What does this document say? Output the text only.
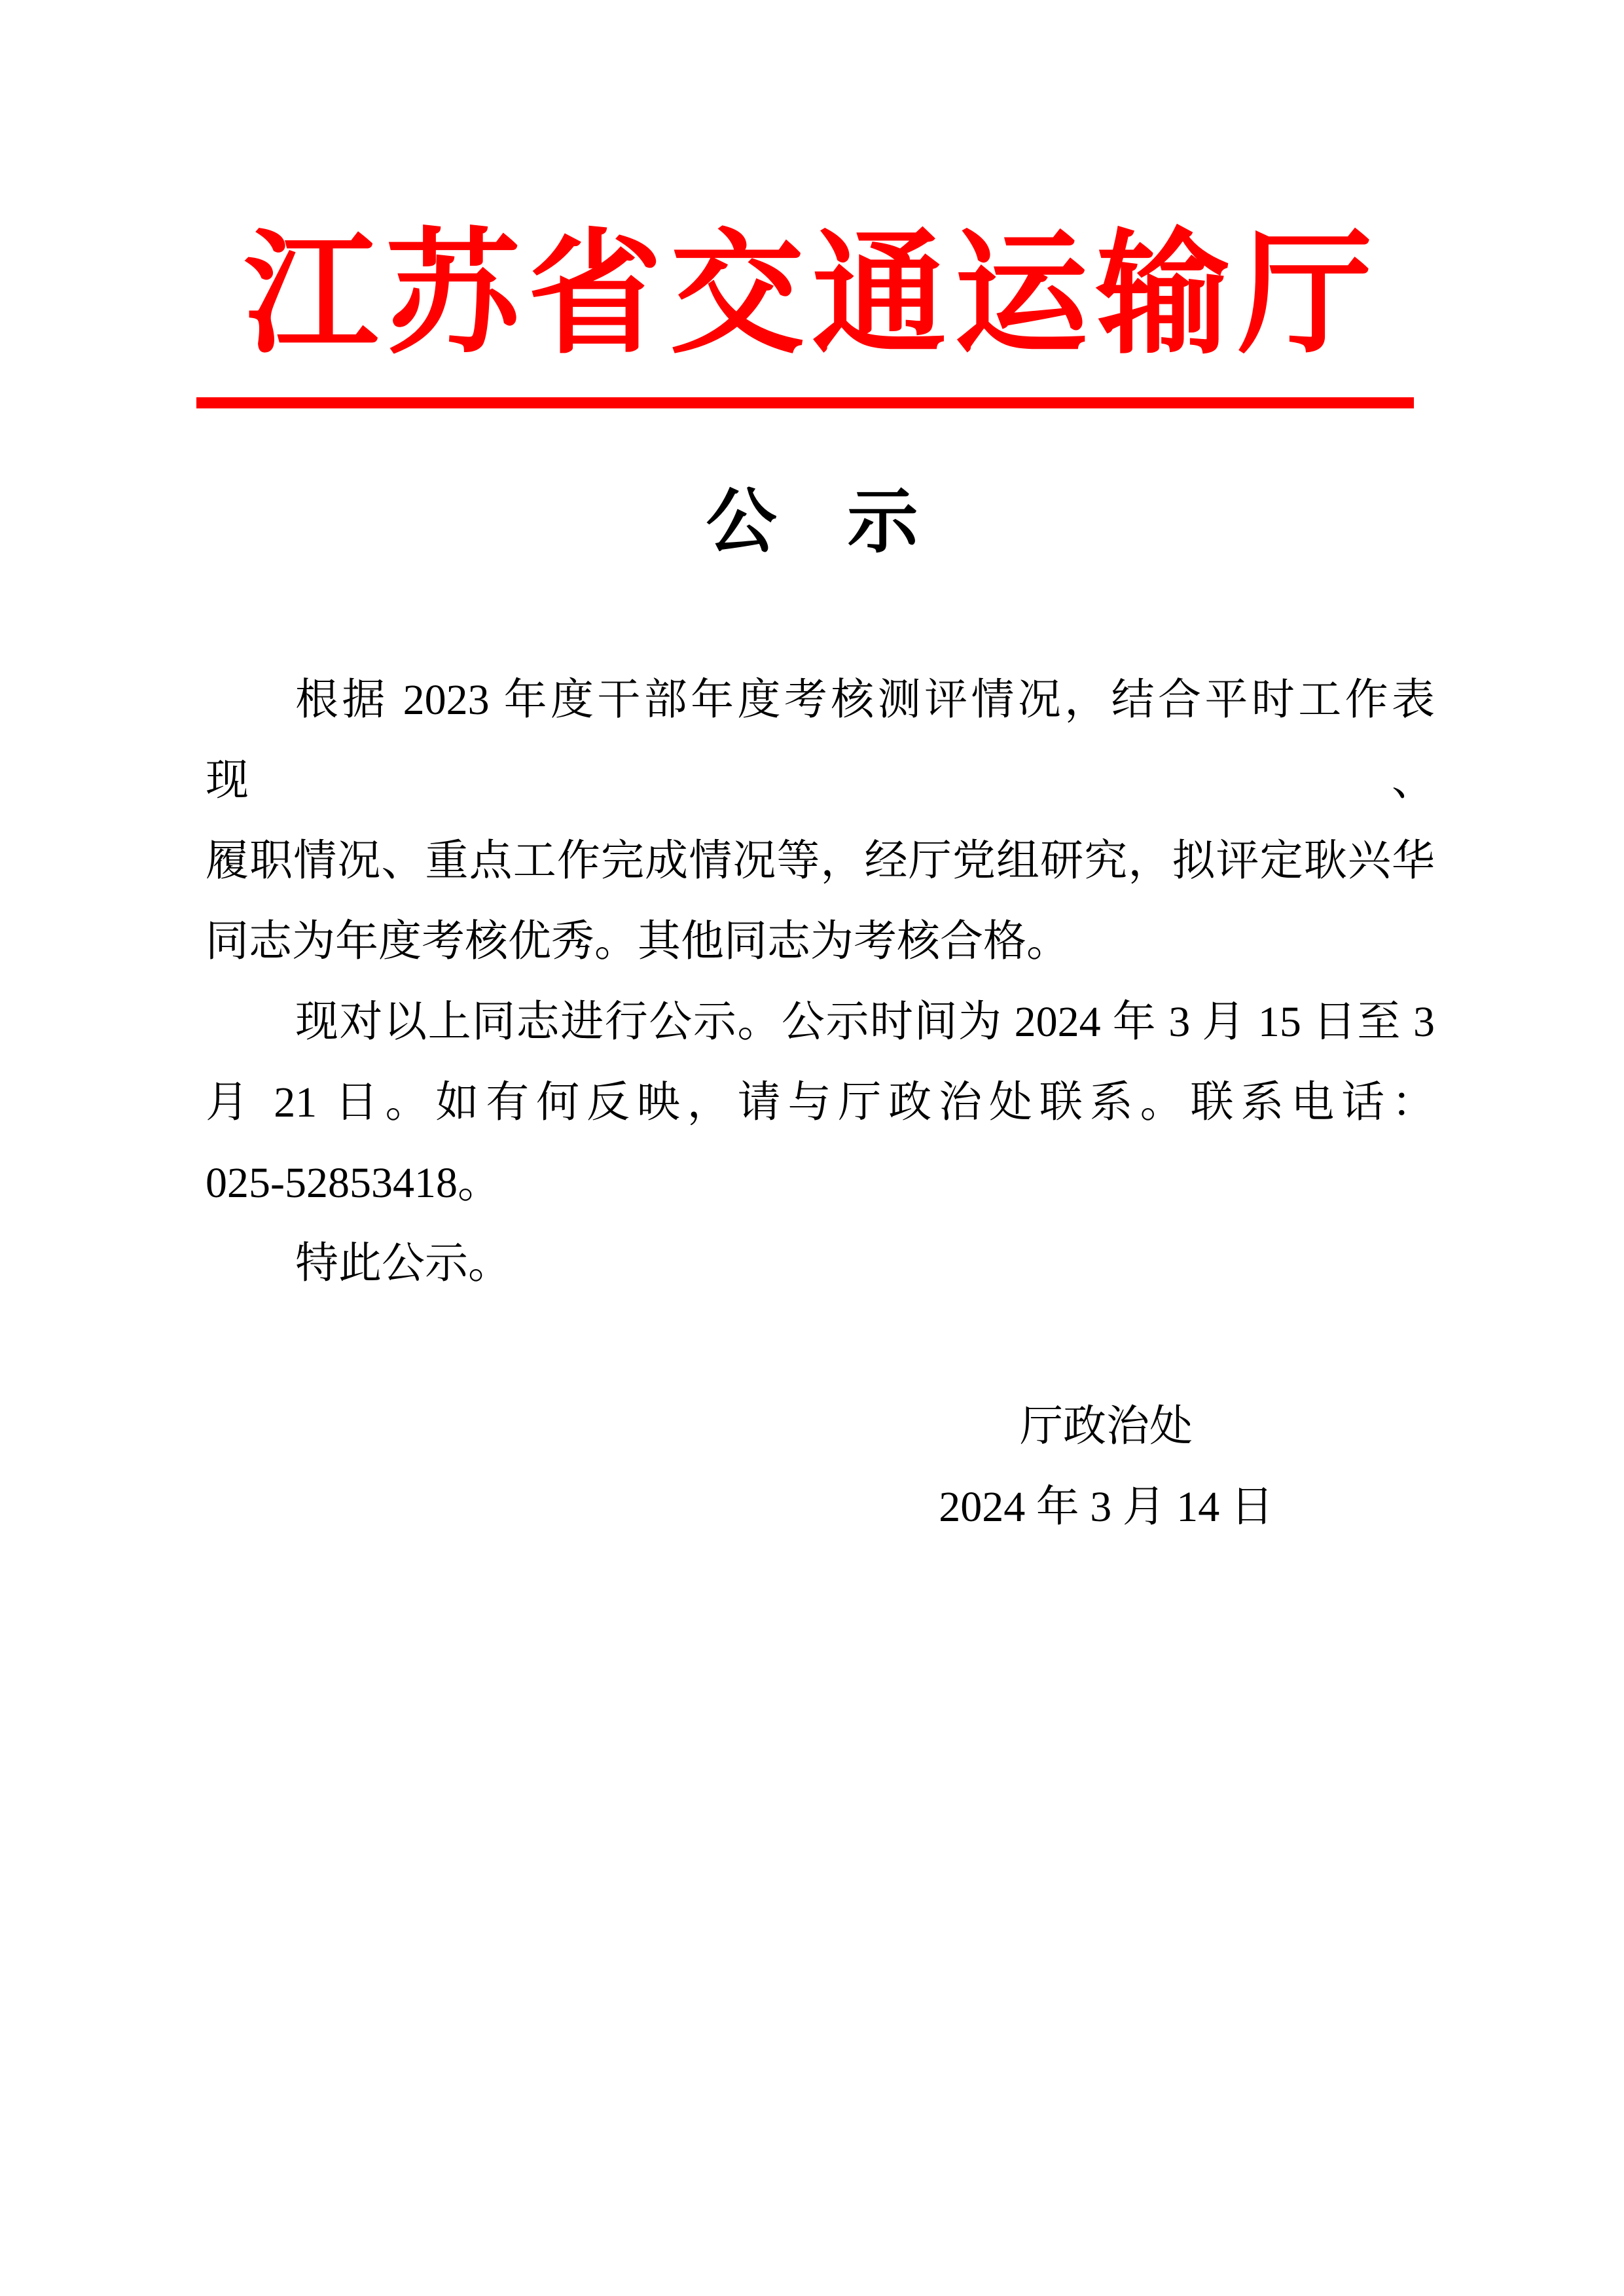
江苏省交通运输厅
公　示

根据 2023 年度干部年度考核测评情况，结合平时工作表现、

履职情况、重点工作完成情况等，经厅党组研究，拟评定耿兴华

同志为年度考核优秀。其他同志为考核合格。

现对以上同志进行公示。公示时间为 2024 年 3 月 15 日至 3

月 21 日。如有何反映，请与厅政治处联系。联系电话：

025-52853418。

特此公示。

厅政治处

2024 年 3 月 14 日
